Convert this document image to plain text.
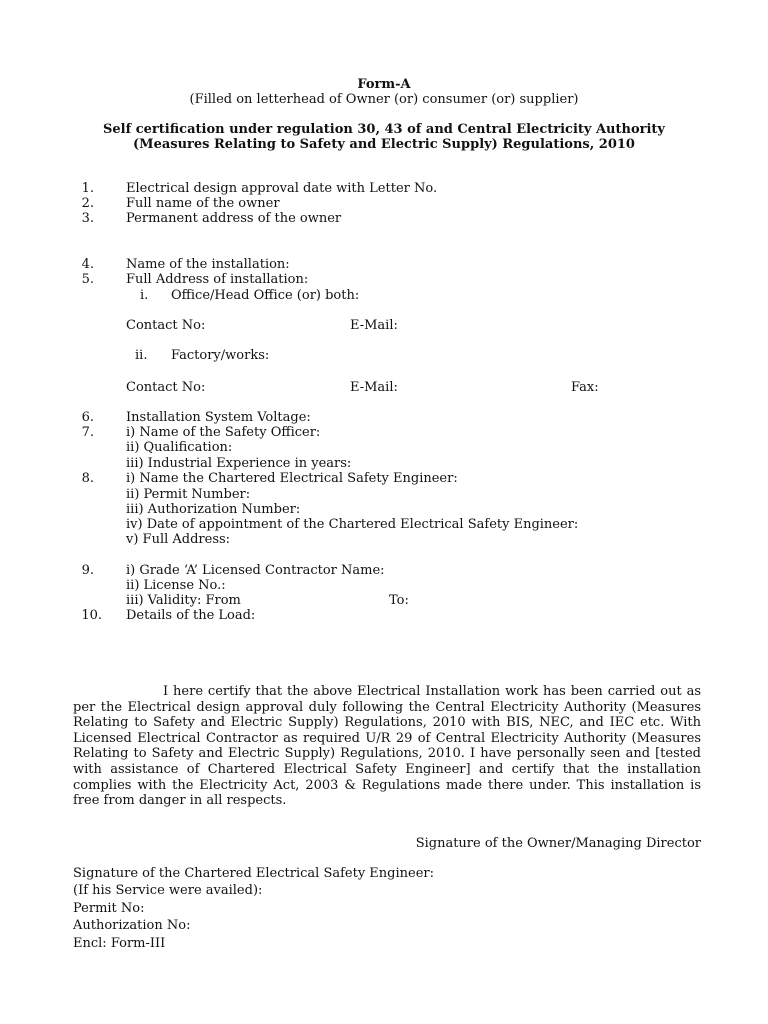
Form-A
(Filled on letterhead of Owner (or) consumer (or) supplier)
Self certification under regulation 30, 43 of and Central Electricity Authority
(Measures Relating to Safety and Electric Supply) Regulations, 2010
1. Electrical design approval date with Letter No.
2. Full name of the owner
3. Permanent address of the owner
4. Name of the installation:
5. Full Address of installation:
i. Office/Head Office (or) both:
Contact No:	E-Mail:
ii. Factory/works:
Contact No:	E-Mail:	Fax:
6. Installation System Voltage:
7. i) Name of the Safety Officer:
ii) Qualification:
iii) Industrial Experience in years:
8. i) Name the Chartered Electrical Safety Engineer:
ii) Permit Number:
iii) Authorization Number:
iv) Date of appointment of the Chartered Electrical Safety Engineer:
v) Full Address:
9. i) Grade ‘A’ Licensed Contractor Name:
ii) License No.:
iii) Validity: From	To:
10. Details of the Load:
I here certify that the above Electrical Installation work has been carried out as per the Electrical design approval duly following the Central Electricity Authority (Measures Relating to Safety and Electric Supply) Regulations, 2010 with BIS, NEC, and IEC etc. With Licensed Electrical Contractor as required U/R 29 of Central Electricity Authority (Measures Relating to Safety and Electric Supply) Regulations, 2010. I have personally seen and [tested with assistance of Chartered Electrical Safety Engineer] and certify that the installation complies with the Electricity Act, 2003 & Regulations made there under. This installation is free from danger in all respects.
Signature of the Owner/Managing Director
Signature of the Chartered Electrical Safety Engineer:
(If his Service were availed):
Permit No:
Authorization No:
Encl: Form-III
